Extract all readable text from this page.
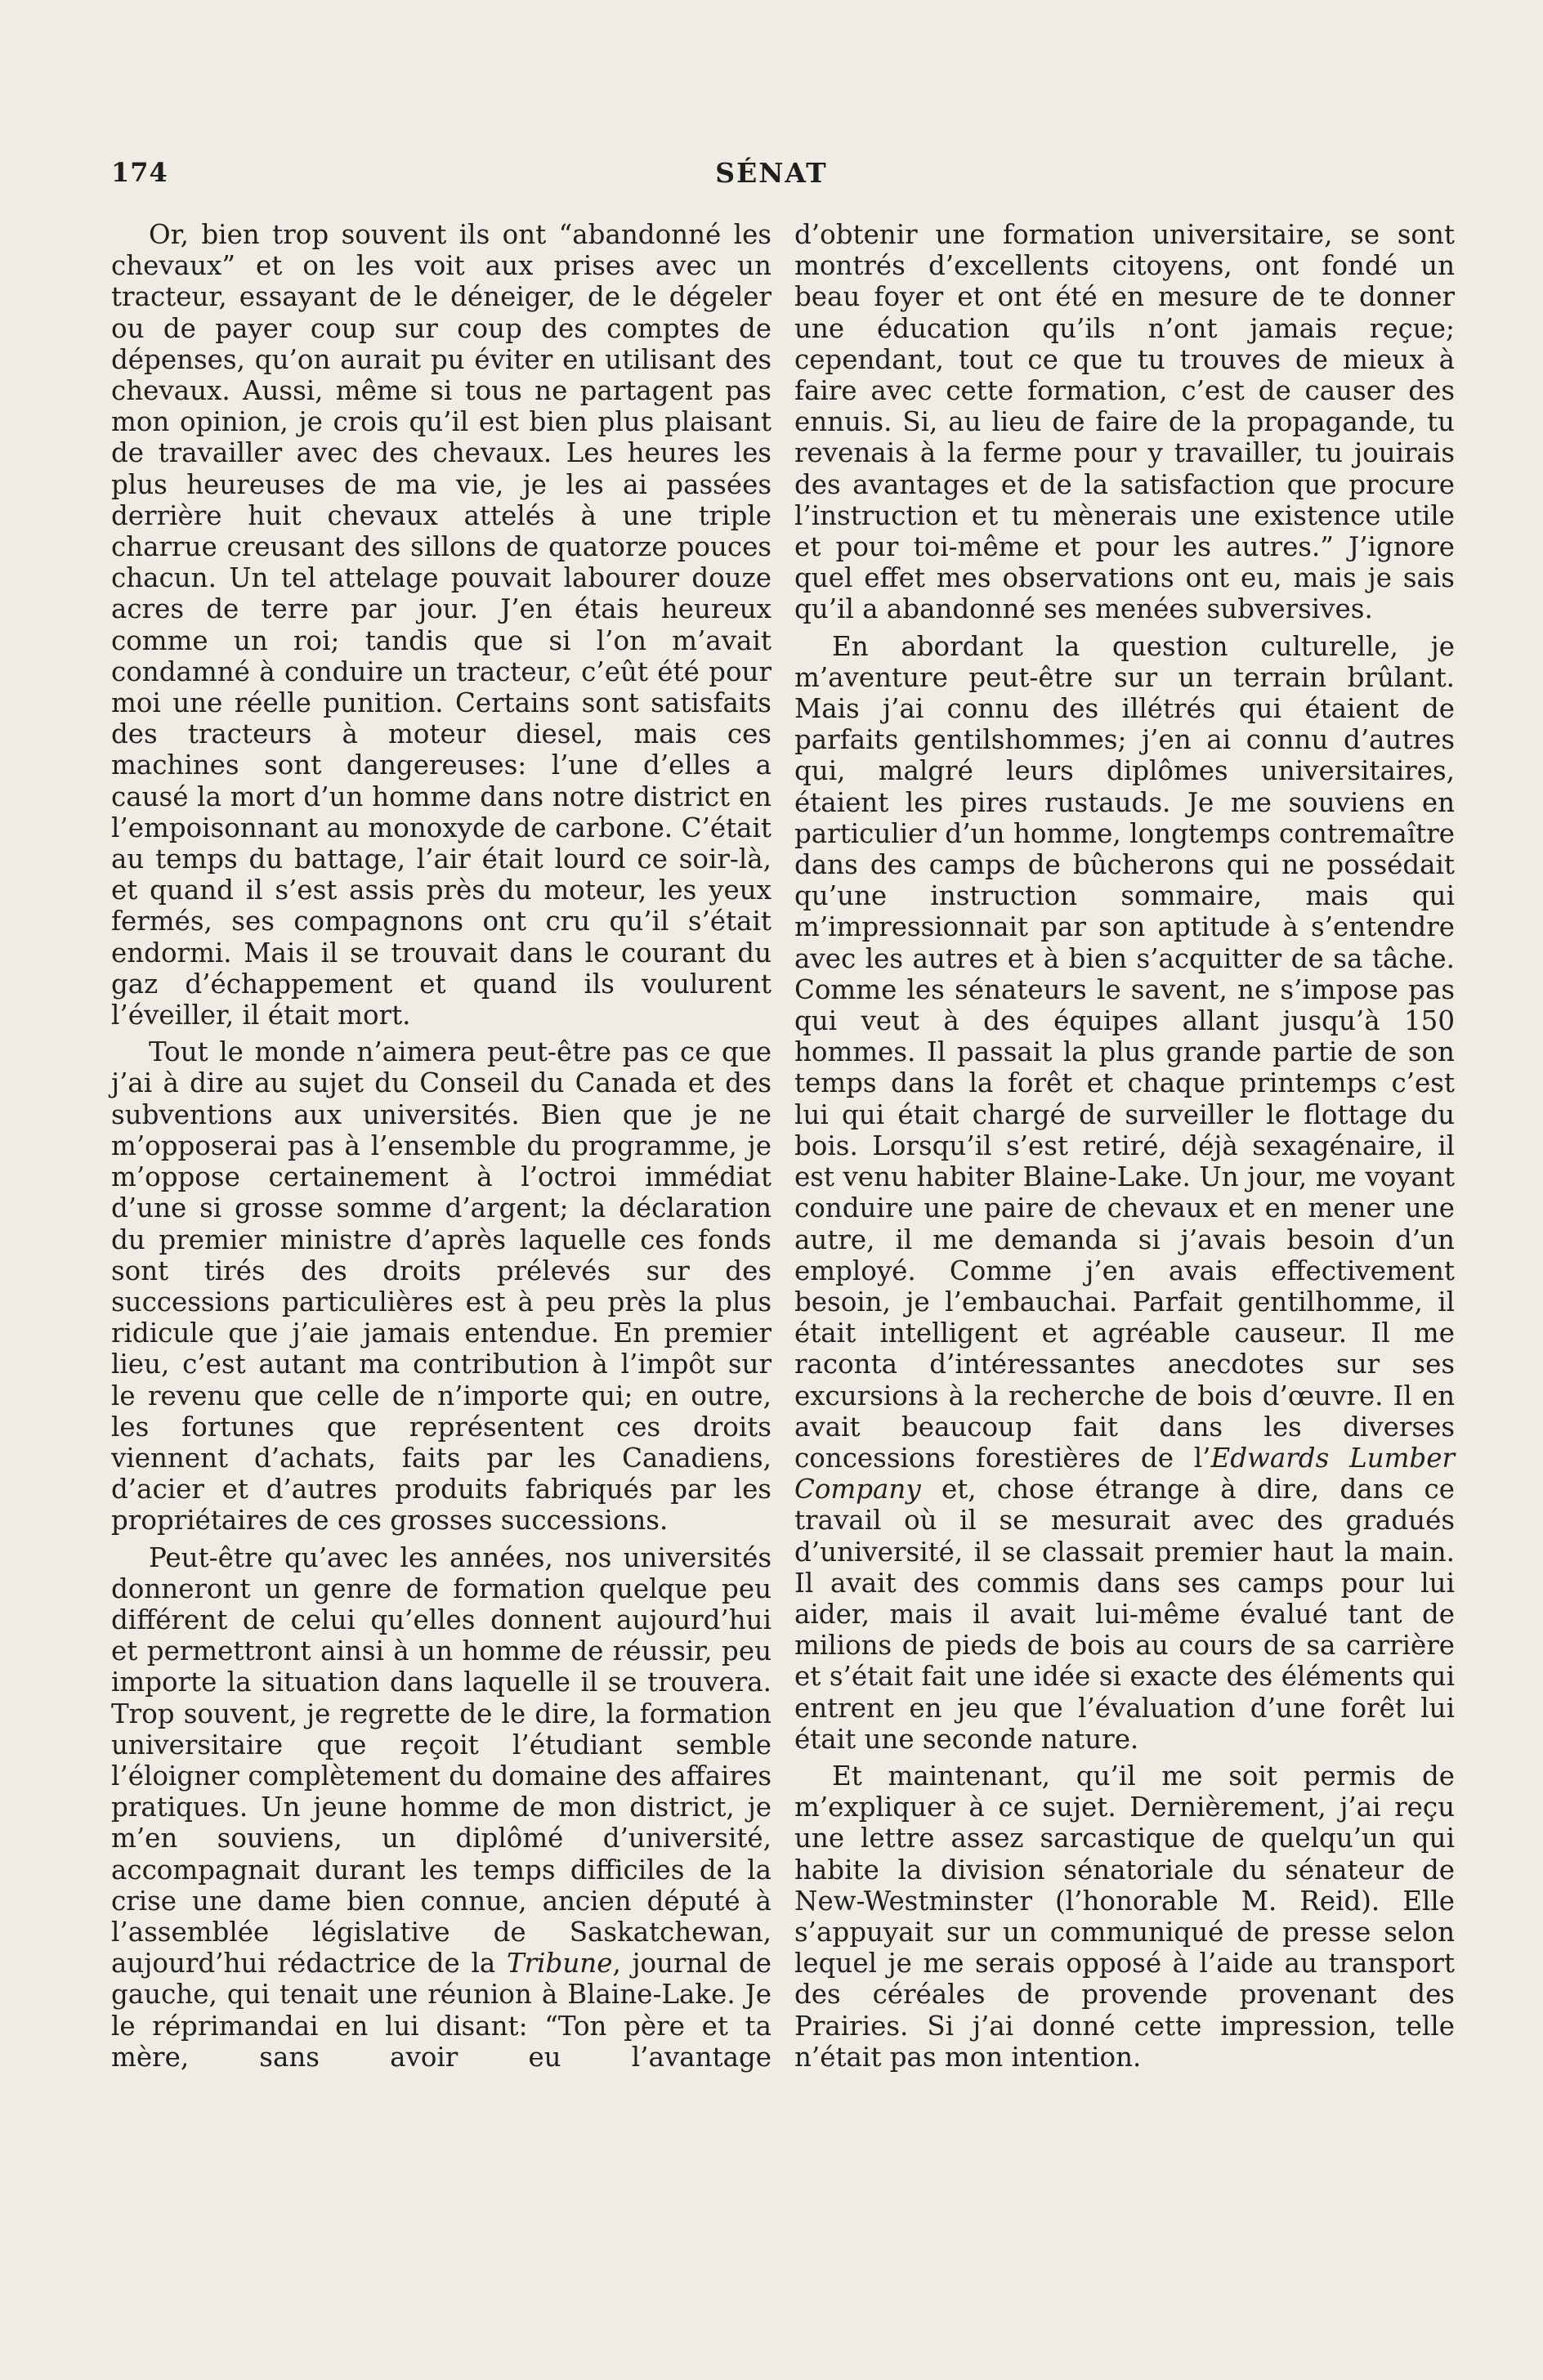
174	SÉNAT

Or, bien trop souvent ils ont “abandonné les chevaux” et on les voit aux prises avec un tracteur, essayant de le déneiger, de le dégeler ou de payer coup sur coup des comptes de dépenses, qu’on aurait pu éviter en utilisant des chevaux. Aussi, même si tous ne partagent pas mon opinion, je crois qu’il est bien plus plaisant de travailler avec des chevaux. Les heures les plus heureuses de ma vie, je les ai passées derrière huit chevaux attelés à une triple charrue creusant des sillons de quatorze pouces chacun. Un tel attelage pouvait labourer douze acres de terre par jour. J’en étais heureux comme un roi; tandis que si l’on m’avait condamné à conduire un tracteur, c’eût été pour moi une réelle punition. Certains sont satisfaits des tracteurs à moteur diesel, mais ces machines sont dangereuses: l’une d’elles a causé la mort d’un homme dans notre district en l’empoisonnant au monoxyde de carbone. C’était au temps du battage, l’air était lourd ce soir-là, et quand il s’est assis près du moteur, les yeux fermés, ses compagnons ont cru qu’il s’était endormi. Mais il se trouvait dans le courant du gaz d’échappement et quand ils voulurent l’éveiller, il était mort.

Tout le monde n’aimera peut-être pas ce que j’ai à dire au sujet du Conseil du Canada et des subventions aux universités. Bien que je ne m’opposerai pas à l’ensemble du programme, je m’oppose certainement à l’octroi immédiat d’une si grosse somme d’argent; la déclaration du premier ministre d’après laquelle ces fonds sont tirés des droits prélevés sur des successions particulières est à peu près la plus ridicule que j’aie jamais entendue. En premier lieu, c’est autant ma contribution à l’impôt sur le revenu que celle de n’importe qui; en outre, les fortunes que représentent ces droits viennent d’achats, faits par les Canadiens, d’acier et d’autres produits fabriqués par les propriétaires de ces grosses successions.

Peut-être qu’avec les années, nos universités donneront un genre de formation quelque peu différent de celui qu’elles donnent aujourd’hui et permettront ainsi à un homme de réussir, peu importe la situation dans laquelle il se trouvera. Trop souvent, je regrette de le dire, la formation universitaire que reçoit l’étudiant semble l’éloigner complètement du domaine des affaires pratiques. Un jeune homme de mon district, je m’en souviens, un diplômé d’université, accompagnait durant les temps difficiles de la crise une dame bien connue, ancien député à l’assemblée législative de Saskatchewan, aujourd’hui rédactrice de la Tribune, journal de gauche, qui tenait une réunion à Blaine-Lake. Je le réprimandai en lui disant: “Ton père et ta mère, sans avoir eu l’avantage

d’obtenir une formation universitaire, se sont montrés d’excellents citoyens, ont fondé un beau foyer et ont été en mesure de te donner une éducation qu’ils n’ont jamais reçue; cependant, tout ce que tu trouves de mieux à faire avec cette formation, c’est de causer des ennuis. Si, au lieu de faire de la propagande, tu revenais à la ferme pour y travailler, tu jouirais des avantages et de la satisfaction que procure l’instruction et tu mènerais une existence utile et pour toi-même et pour les autres.” J’ignore quel effet mes observations ont eu, mais je sais qu’il a abandonné ses menées subversives.

En abordant la question culturelle, je m’aventure peut-être sur un terrain brûlant. Mais j’ai connu des illétrés qui étaient de parfaits gentilshommes; j’en ai connu d’autres qui, malgré leurs diplômes universitaires, étaient les pires rustauds. Je me souviens en particulier d’un homme, longtemps contremaître dans des camps de bûcherons qui ne possédait qu’une instruction sommaire, mais qui m’impressionnait par son aptitude à s’entendre avec les autres et à bien s’acquitter de sa tâche. Comme les sénateurs le savent, ne s’impose pas qui veut à des équipes allant jusqu’à 150 hommes. Il passait la plus grande partie de son temps dans la forêt et chaque printemps c’est lui qui était chargé de surveiller le flottage du bois. Lorsqu’il s’est retiré, déjà sexagénaire, il est venu habiter Blaine-Lake. Un jour, me voyant conduire une paire de chevaux et en mener une autre, il me demanda si j’avais besoin d’un employé. Comme j’en avais effectivement besoin, je l’embauchai. Parfait gentilhomme, il était intelligent et agréable causeur. Il me raconta d’intéressantes anecdotes sur ses excursions à la recherche de bois d’œuvre. Il en avait beaucoup fait dans les diverses concessions forestières de l’Edwards Lumber Company et, chose étrange à dire, dans ce travail où il se mesurait avec des gradués d’université, il se classait premier haut la main. Il avait des commis dans ses camps pour lui aider, mais il avait lui-même évalué tant de milions de pieds de bois au cours de sa carrière et s’était fait une idée si exacte des éléments qui entrent en jeu que l’évaluation d’une forêt lui était une seconde nature.

Et maintenant, qu’il me soit permis de m’expliquer à ce sujet. Dernièrement, j’ai reçu une lettre assez sarcastique de quelqu’un qui habite la division sénatoriale du sénateur de New-Westminster (l’honorable M. Reid). Elle s’appuyait sur un communiqué de presse selon lequel je me serais opposé à l’aide au transport des céréales de provende provenant des Prairies. Si j’ai donné cette impression, telle n’était pas mon intention.
